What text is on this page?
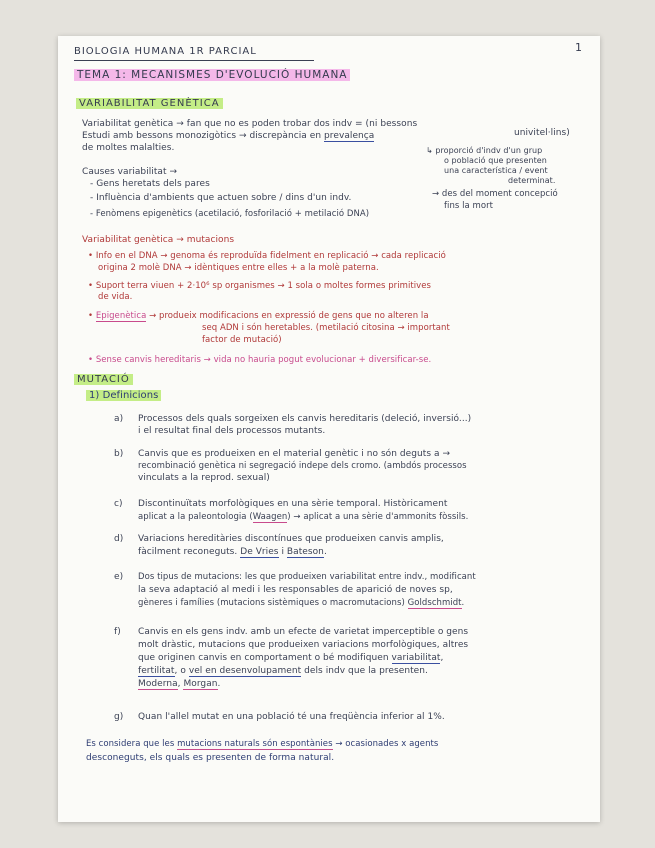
BIOLOGIA HUMANA 1R PARCIAL	1
TEMA 1: MECANISMES D'EVOLUCIÓ HUMANA
VARIABILITAT GENÈTICA
Variabilitat genètica → fan que no es poden trobar dos indv = (ni bessons
univitel·lins)
Estudi amb bessons monozigòtics → discrepància en prevalença
de moltes malalties.	↳ proporció d'indv d'un grup
o població que presenten
una característica / event
determinat.
Causes variabilitat →
- Gens heretats dels pares
- Influència d'ambients que actuen sobre / dins d'un indv.
- Fenòmens epigenètics (acetilació, fosforilació + metilació DNA)
→ des del moment concepció
fins la mort
Variabilitat genètica → mutacions
• Info en el DNA → genoma és reproduïda fidelment en replicació → cada replicació
origina 2 molè DNA → idèntiques entre elles + a la molè paterna.
• Suport terra viuen + 2·10⁶ sp organismes → 1 sola o moltes formes primitives
de vida.
• Epigenètica → produeix modificacions en expressió de gens que no alteren la
seq ADN i són heretables. (metilació citosina → important
factor de mutació)
• Sense canvis hereditaris → vida no hauria pogut evolucionar + diversificar-se.
MUTACIÓ
1) Definicions
a) Processos dels quals sorgeixen els canvis hereditaris (deleció, inversió...)
i el resultat final dels processos mutants.
b) Canvis que es produeixen en el material genètic i no són deguts a →
recombinació genètica ni segregació indepe dels cromo. (ambdós processos
vinculats a la reprod. sexual)
c) Discontinuïtats morfològiques en una sèrie temporal. Històricament
aplicat a la paleontologia (Waagen) → aplicat a una sèrie d'ammonits fòssils.
d) Variacions hereditàries discontínues que produeixen canvis amplis,
fàcilment reconeguts. De Vries i Bateson.
e) Dos tipus de mutacions: les que produeixen variabilitat entre indv., modificant
la seva adaptació al medi i les responsables de aparició de noves sp,
gèneres i famílies (mutacions sistèmiques o macromutacions) Goldschmidt.
f) Canvis en els gens indv. amb un efecte de varietat imperceptible o gens
molt dràstic, mutacions que produeixen variacions morfològiques, altres
que originen canvis en comportament o bé modifiquen variabilitat,
fertilitat, o vel en desenvolupament dels indv que la presenten.
Moderna, Morgan.
g) Quan l'allel mutat en una població té una freqüència inferior al 1%.
Es considera que les mutacions naturals són espontànies → ocasionades x agents
desconeguts, els quals es presenten de forma natural.
